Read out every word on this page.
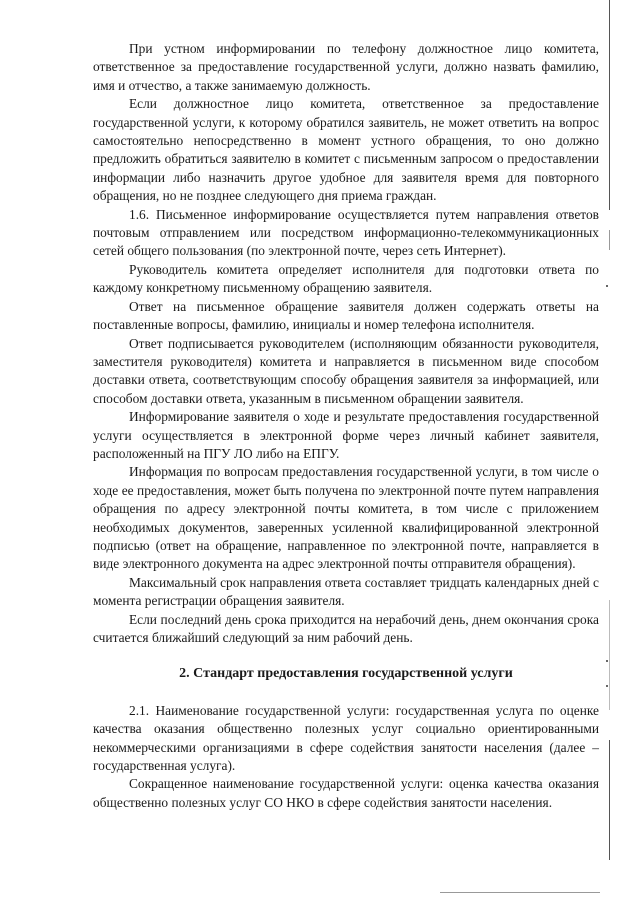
При устном информировании по телефону должностное лицо комитета, ответственное за предоставление государственной услуги, должно назвать фамилию, имя и отчество, а также занимаемую должность.

Если должностное лицо комитета, ответственное за предоставление государственной услуги, к которому обратился заявитель, не может ответить на вопрос самостоятельно непосредственно в момент устного обращения, то оно должно предложить обратиться заявителю в комитет с письменным запросом о предоставлении информации либо назначить другое удобное для заявителя время для повторного обращения, но не позднее следующего дня приема граждан.

1.6. Письменное информирование осуществляется путем направления ответов почтовым отправлением или посредством информационно-телекоммуникационных сетей общего пользования (по электронной почте, через сеть Интернет).

Руководитель комитета определяет исполнителя для подготовки ответа по каждому конкретному письменному обращению заявителя.

Ответ на письменное обращение заявителя должен содержать ответы на поставленные вопросы, фамилию, инициалы и номер телефона исполнителя.

Ответ подписывается руководителем (исполняющим обязанности руководителя, заместителя руководителя) комитета и направляется в письменном виде способом доставки ответа, соответствующим способу обращения заявителя за информацией, или способом доставки ответа, указанным в письменном обращении заявителя.

Информирование заявителя о ходе и результате предоставления государственной услуги осуществляется в электронной форме через личный кабинет заявителя, расположенный на ПГУ ЛО либо на ЕПГУ.

Информация по вопросам предоставления государственной услуги, в том числе о ходе ее предоставления, может быть получена по электронной почте путем направления обращения по адресу электронной почты комитета, в том числе с приложением необходимых документов, заверенных усиленной квалифицированной электронной подписью (ответ на обращение, направленное по электронной почте, направляется в виде электронного документа на адрес электронной почты отправителя обращения).

Максимальный срок направления ответа составляет тридцать календарных дней с момента регистрации обращения заявителя.

Если последний день срока приходится на нерабочий день, днем окончания срока считается ближайший следующий за ним рабочий день.

2. Стандарт предоставления государственной услуги

2.1. Наименование государственной услуги: государственная услуга по оценке качества оказания общественно полезных услуг социально ориентированными некоммерческими организациями в сфере содействия занятости населения (далее – государственная услуга).

Сокращенное наименование государственной услуги: оценка качества оказания общественно полезных услуг СО НКО в сфере содействия занятости населения.
